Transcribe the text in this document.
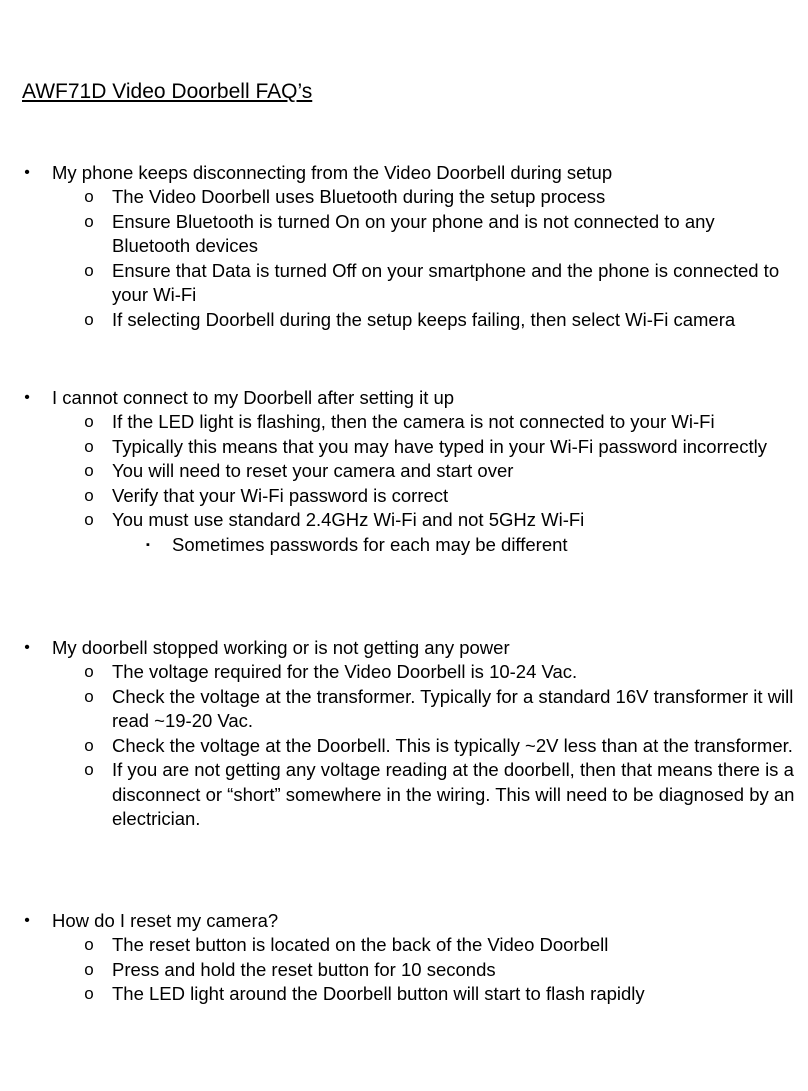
AWF71D Video Doorbell FAQ’s
• My phone keeps disconnecting from the Video Doorbell during setup
o The Video Doorbell uses Bluetooth during the setup process
o Ensure Bluetooth is turned On on your phone and is not connected to any Bluetooth devices
o Ensure that Data is turned Off on your smartphone and the phone is connected to your Wi-Fi
o If selecting Doorbell during the setup keeps failing, then select Wi-Fi camera
• I cannot connect to my Doorbell after setting it up
o If the LED light is flashing, then the camera is not connected to your Wi-Fi
o Typically this means that you may have typed in your Wi-Fi password incorrectly
o You will need to reset your camera and start over
o Verify that your Wi-Fi password is correct
o You must use standard 2.4GHz Wi-Fi and not 5GHz Wi-Fi
▪ Sometimes passwords for each may be different
• My doorbell stopped working or is not getting any power
o The voltage required for the Video Doorbell is 10-24 Vac.
o Check the voltage at the transformer. Typically for a standard 16V transformer it will read ~19-20 Vac.
o Check the voltage at the Doorbell. This is typically ~2V less than at the transformer.
o If you are not getting any voltage reading at the doorbell, then that means there is a disconnect or “short” somewhere in the wiring. This will need to be diagnosed by an electrician.
• How do I reset my camera?
o The reset button is located on the back of the Video Doorbell
o Press and hold the reset button for 10 seconds
o The LED light around the Doorbell button will start to flash rapidly
